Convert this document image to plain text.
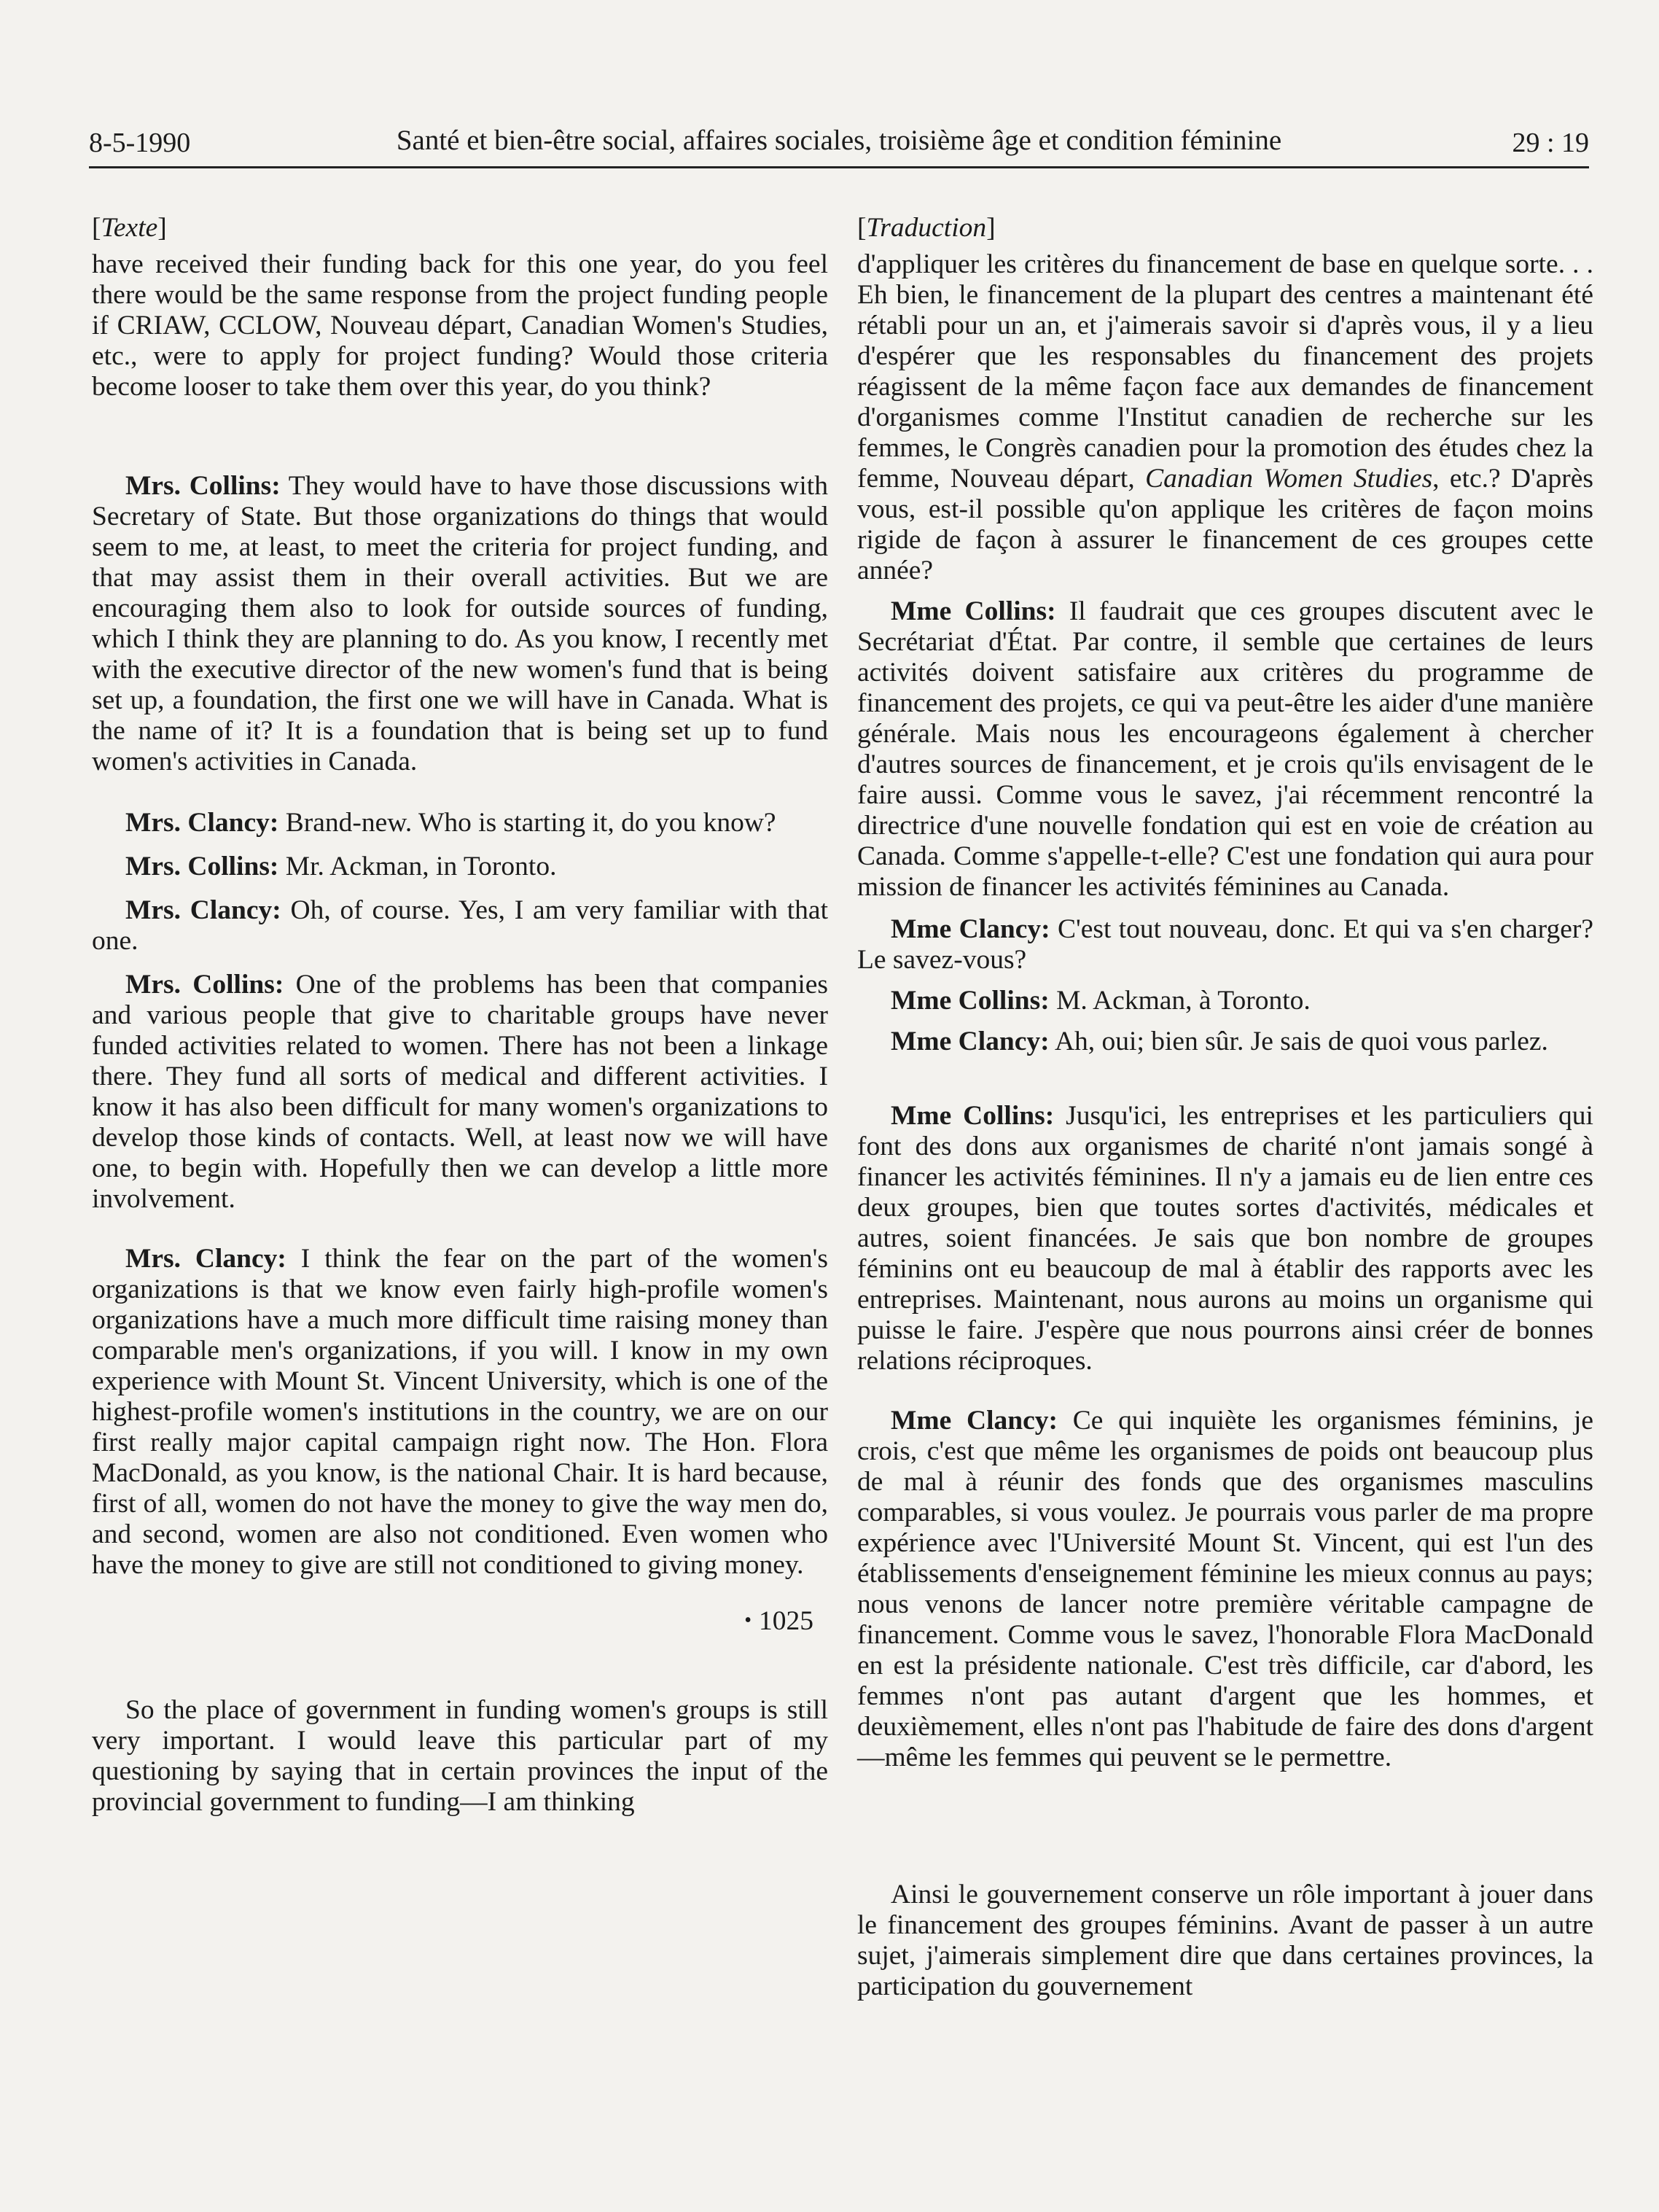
8-5-1990	Santé et bien-être social, affaires sociales, troisième âge et condition féminine	29 : 19

[Texte]

have received their funding back for this one year, do you feel there would be the same response from the project funding people if CRIAW, CCLOW, Nouveau départ, Canadian Women's Studies, etc., were to apply for project funding? Would those criteria become looser to take them over this year, do you think?

Mrs. Collins: They would have to have those discussions with Secretary of State. But those organizations do things that would seem to me, at least, to meet the criteria for project funding, and that may assist them in their overall activities. But we are encouraging them also to look for outside sources of funding, which I think they are planning to do. As you know, I recently met with the executive director of the new women's fund that is being set up, a foundation, the first one we will have in Canada. What is the name of it? It is a foundation that is being set up to fund women's activities in Canada.

Mrs. Clancy: Brand-new. Who is starting it, do you know?

Mrs. Collins: Mr. Ackman, in Toronto.

Mrs. Clancy: Oh, of course. Yes, I am very familiar with that one.

Mrs. Collins: One of the problems has been that companies and various people that give to charitable groups have never funded activities related to women. There has not been a linkage there. They fund all sorts of medical and different activities. I know it has also been difficult for many women's organizations to develop those kinds of contacts. Well, at least now we will have one, to begin with. Hopefully then we can develop a little more involvement.

Mrs. Clancy: I think the fear on the part of the women's organizations is that we know even fairly high-profile women's organizations have a much more difficult time raising money than comparable men's organizations, if you will. I know in my own experience with Mount St. Vincent University, which is one of the highest-profile women's institutions in the country, we are on our first really major capital campaign right now. The Hon. Flora MacDonald, as you know, is the national Chair. It is hard because, first of all, women do not have the money to give the way men do, and second, women are also not conditioned. Even women who have the money to give are still not conditioned to giving money.

• 1025

So the place of government in funding women's groups is still very important. I would leave this particular part of my questioning by saying that in certain provinces the input of the provincial government to funding—I am thinking

[Traduction]

d'appliquer les critères du financement de base en quelque sorte. . . Eh bien, le financement de la plupart des centres a maintenant été rétabli pour un an, et j'aimerais savoir si d'après vous, il y a lieu d'espérer que les responsables du financement des projets réagissent de la même façon face aux demandes de financement d'organismes comme l'Institut canadien de recherche sur les femmes, le Congrès canadien pour la promotion des études chez la femme, Nouveau départ, Canadian Women Studies, etc.? D'après vous, est-il possible qu'on applique les critères de façon moins rigide de façon à assurer le financement de ces groupes cette année?

Mme Collins: Il faudrait que ces groupes discutent avec le Secrétariat d'État. Par contre, il semble que certaines de leurs activités doivent satisfaire aux critères du programme de financement des projets, ce qui va peut-être les aider d'une manière générale. Mais nous les encourageons également à chercher d'autres sources de financement, et je crois qu'ils envisagent de le faire aussi. Comme vous le savez, j'ai récemment rencontré la directrice d'une nouvelle fondation qui est en voie de création au Canada. Comme s'appelle-t-elle? C'est une fondation qui aura pour mission de financer les activités féminines au Canada.

Mme Clancy: C'est tout nouveau, donc. Et qui va s'en charger? Le savez-vous?

Mme Collins: M. Ackman, à Toronto.

Mme Clancy: Ah, oui; bien sûr. Je sais de quoi vous parlez.

Mme Collins: Jusqu'ici, les entreprises et les particuliers qui font des dons aux organismes de charité n'ont jamais songé à financer les activités féminines. Il n'y a jamais eu de lien entre ces deux groupes, bien que toutes sortes d'activités, médicales et autres, soient financées. Je sais que bon nombre de groupes féminins ont eu beaucoup de mal à établir des rapports avec les entreprises. Maintenant, nous aurons au moins un organisme qui puisse le faire. J'espère que nous pourrons ainsi créer de bonnes relations réciproques.

Mme Clancy: Ce qui inquiète les organismes féminins, je crois, c'est que même les organismes de poids ont beaucoup plus de mal à réunir des fonds que des organismes masculins comparables, si vous voulez. Je pourrais vous parler de ma propre expérience avec l'Université Mount St. Vincent, qui est l'un des établissements d'enseignement féminine les mieux connus au pays; nous venons de lancer notre première véritable campagne de financement. Comme vous le savez, l'honorable Flora MacDonald en est la présidente nationale. C'est très difficile, car d'abord, les femmes n'ont pas autant d'argent que les hommes, et deuxièmement, elles n'ont pas l'habitude de faire des dons d'argent—même les femmes qui peuvent se le permettre.

Ainsi le gouvernement conserve un rôle important à jouer dans le financement des groupes féminins. Avant de passer à un autre sujet, j'aimerais simplement dire que dans certaines provinces, la participation du gouvernement
